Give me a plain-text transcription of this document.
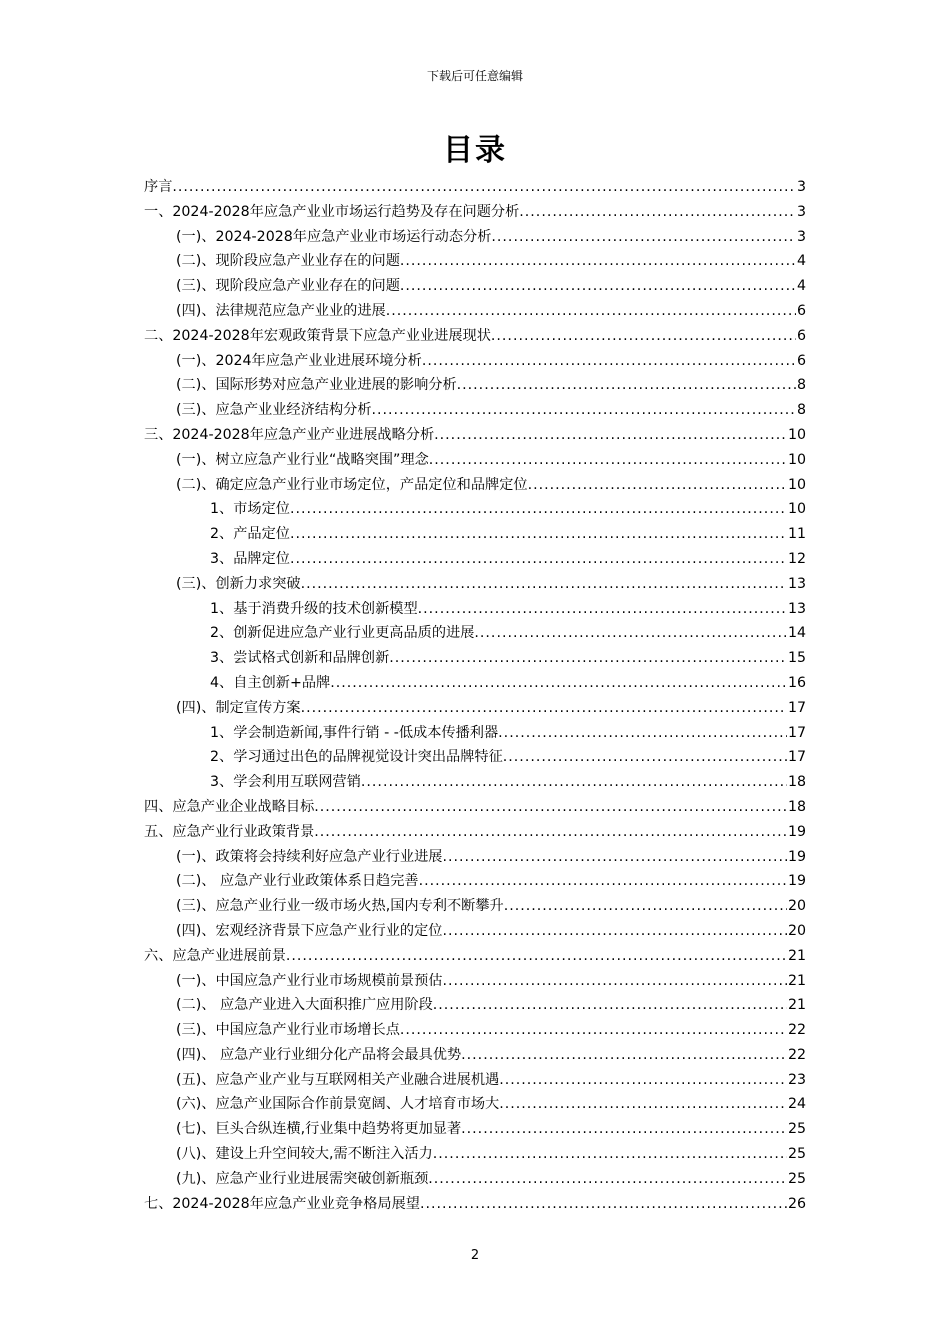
下载后可任意编辑
目录
序言 .....	3
一、2024-2028年应急产业业市场运行趋势及存在问题分析 .....	3
(一)、2024-2028年应急产业业市场运行动态分析 .....	3
(二)、现阶段应急产业业存在的问题 .....	4
(三)、现阶段应急产业业存在的问题 .....	4
(四)、法律规范应急产业业的进展 .....	6
二、2024-2028年宏观政策背景下应急产业业进展现状 .....	6
(一)、2024年应急产业业进展环境分析 .....	6
(二)、国际形势对应急产业业进展的影响分析 .....	8
(三)、应急产业业经济结构分析 .....	8
三、2024-2028年应急产业产业进展战略分析 .....	10
(一)、树立应急产业行业“战略突围”理念 .....	10
(二)、确定应急产业行业市场定位，产品定位和品牌定位 .....	10
1、市场定位 .....	10
2、产品定位 .....	11
3、品牌定位 .....	12
(三)、创新力求突破 .....	13
1、基于消费升级的技术创新模型 .....	13
2、创新促进应急产业行业更高品质的进展 .....	14
3、尝试格式创新和品牌创新 .....	15
4、自主创新+品牌 .....	16
(四)、制定宣传方案 .....	17
1、学会制造新闻,事件行销 - -低成本传播利器 .....	17
2、学习通过出色的品牌视觉设计突出品牌特征 .....	17
3、学会利用互联网营销 .....	18
四、应急产业企业战略目标 .....	18
五、应急产业行业政策背景 .....	19
(一)、政策将会持续利好应急产业行业进展 .....	19
(二)、 应急产业行业政策体系日趋完善 .....	19
(三)、应急产业行业一级市场火热,国内专利不断攀升 .....	20
(四)、宏观经济背景下应急产业行业的定位 .....	20
六、应急产业进展前景 .....	21
(一)、中国应急产业行业市场规模前景预估 .....	21
(二)、 应急产业进入大面积推广应用阶段 .....	21
(三)、中国应急产业行业市场增长点 .....	22
(四)、 应急产业行业细分化产品将会最具优势 .....	22
(五)、应急产业产业与互联网相关产业融合进展机遇 .....	23
(六)、应急产业国际合作前景宽阔、人才培育市场大 .....	24
(七)、巨头合纵连横,行业集中趋势将更加显著 .....	25
(八)、建设上升空间较大,需不断注入活力 .....	25
(九)、应急产业行业进展需突破创新瓶颈 .....	25
七、2024-2028年应急产业业竞争格局展望 .....	26
2
